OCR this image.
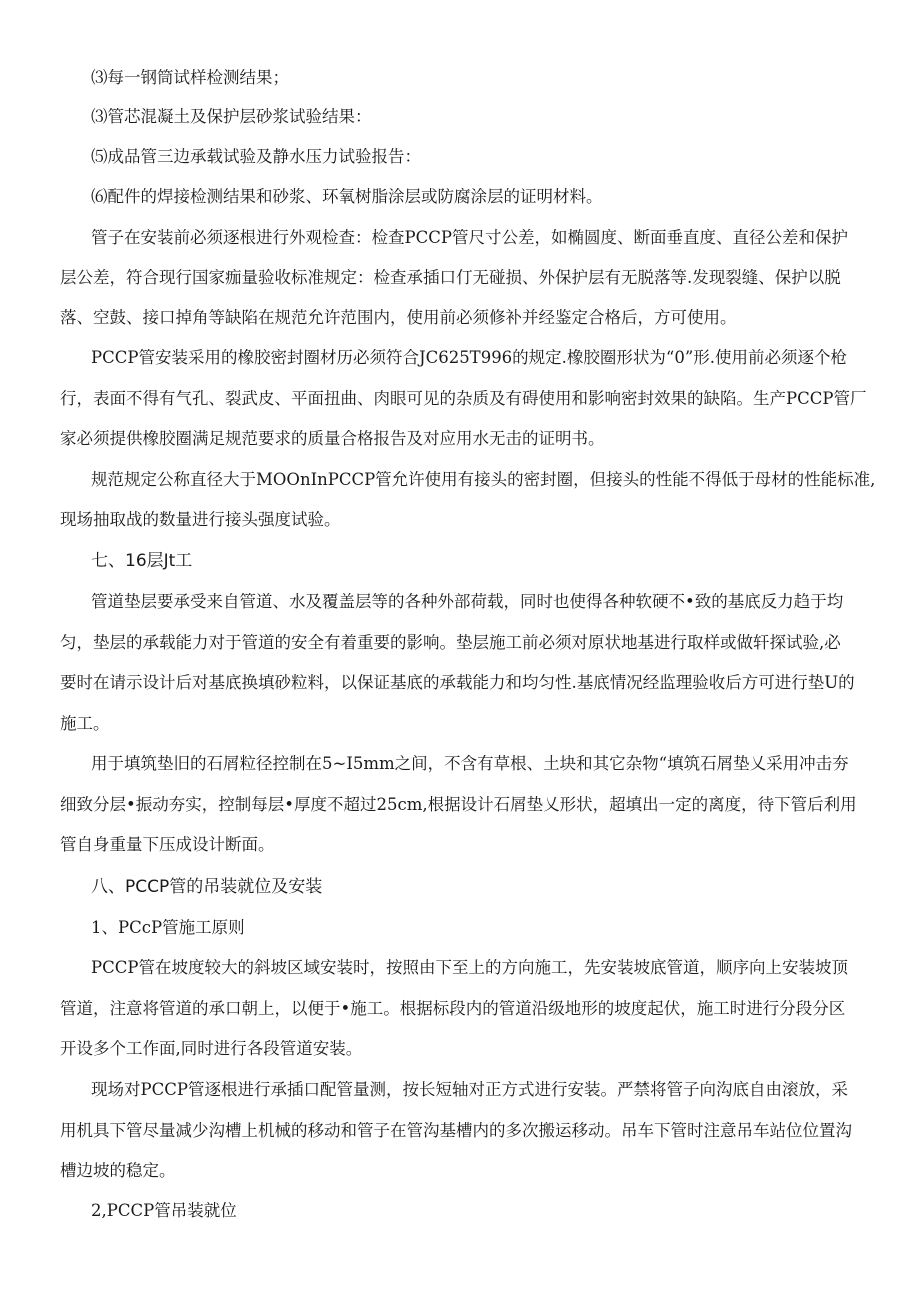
⑶每一钢筒试样检测结果；
⑶管芯混凝土及保护层砂浆试验结果：
⑸成品管三边承载试验及静水压力试验报告：
⑹配件的焊接检测结果和砂浆、环氧树脂涂层或防腐涂层的证明材料。
管子在安装前必须逐根进行外观检查：检查PCCP管尺寸公差，如椭圆度、断面垂直度、直径公差和保护
层公差，符合现行国家痂量验收标准规定：检查承插口仃无碰损、外保护层有无脱落等.发现裂缝、保护以脱
落、空鼓、接口掉角等缺陷在规范允许范围内，使用前必须修补并经鉴定合格后，方可使用。
PCCP管安装采用的橡胶密封圈材历必须符合JC625T996的规定.橡胶圈形状为“0”形.使用前必须逐个枪
行，表面不得有气孔、裂武皮、平面扭曲、肉眼可见的杂质及有碍使用和影响密封效果的缺陷。生产PCCP管厂
家必须提供橡胶圈满足规范要求的质量合格报告及对应用水无击的证明书。
规范规定公称直径大于MOOnInPCCP管允许使用有接头的密封圈，但接头的性能不得低于母材的性能标准,
现场抽取战的数量进行接头强度试验。
七、16层Jt工
管道垫层要承受来自管道、水及覆盖层等的各种外部荷载，同时也使得各种软硬不•致的基底反力趋于均
匀，垫层的承载能力对于管道的安全有着重要的影响。垫层施工前必须对原状地基进行取样或做轩探试验,必
要时在请示设计后对基底换填砂粒料，以保证基底的承载能力和均匀性.基底情况经监理验收后方可进行垫U的
施工。
用于填筑垫旧的石屑粒径控制在5~I5mm之间，不含有草根、土块和其它杂物“填筑石屑垫乂采用冲击夯
细致分层•振动夯实，控制每层•厚度不超过25cm,根据设计石屑垫乂形状，超填出一定的离度，待下管后利用
管自身重量下压成设计断面。
八、PCCP管的吊装就位及安装
1、PCcP管施工原则
PCCP管在坡度较大的斜坡区域安装时，按照由下至上的方向施工，先安装坡底管道，顺序向上安装坡顶
管道，注意将管道的承口朝上，以便于•施工。根据标段内的管道沿级地形的坡度起伏，施工时进行分段分区
开设多个工作面,同时进行各段管道安装。
现场对PCCP管逐根进行承插口配管量测，按长短轴对正方式进行安装。严禁将管子向沟底自由滚放，采
用机具下管尽量减少沟槽上机械的移动和管子在管沟基槽内的多次搬运移动。吊车下管时注意吊车站位位置沟
槽边坡的稳定。
2,PCCP管吊装就位
